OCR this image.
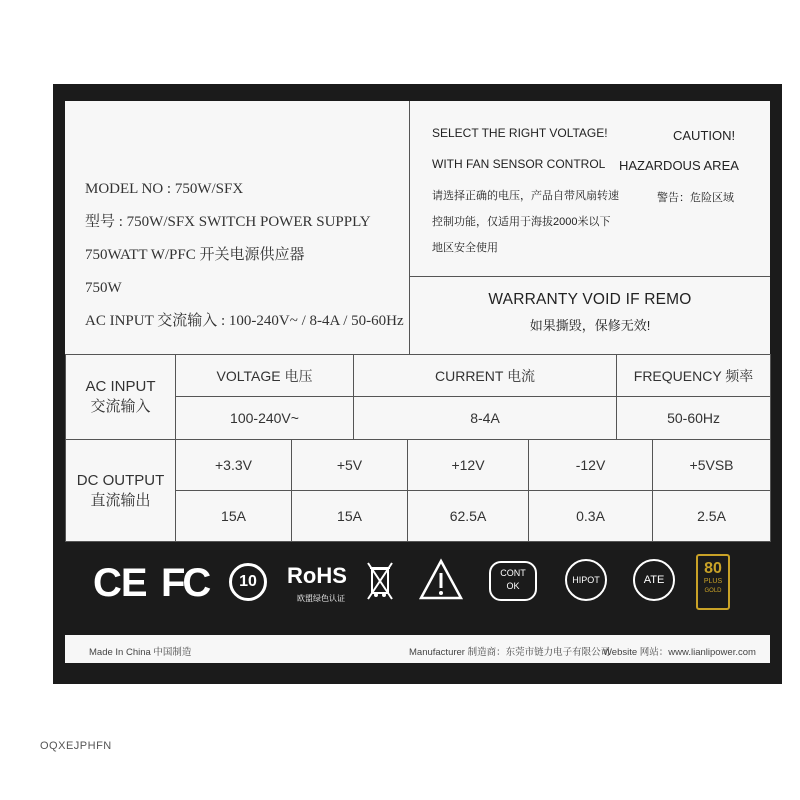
MODEL NO : 750W/SFX
型号 : 750W/SFX SWITCH POWER SUPPLY
750WATT W/PFC 开关电源供应器
750W
AC INPUT 交流输入 : 100-240V~ / 8-4A / 50-60Hz
SELECT THE RIGHT VOLTAGE!
WITH FAN SENSOR CONTROL
请选择正确的电压，产品自带风扇转速
控制功能，仅适用于海拔2000米以下
地区安全使用
CAUTION!
HAZARDOUS AREA
警告：危险区域
WARRANTY VOID IF REMO
如果撕毁，保修无效!
AC INPUT
交流输入	VOLTAGE 电压		CURRENT 电流			FREQUENCY 频率	
	100-240V~		8-4A			50-60Hz	

DC OUTPUT
直流输出	+3.3V	+5V		+12V	-12V		+5VSB
	15A	15A		62.5A	0.3A		2.5A
CE FC	10	RoHS
欧盟绿色认证
CONT
OK
HIPOT	ATE
80
PLUS
GOLD
Made In China 中国制造	Manufacturer 制造商：东莞市链力电子有限公司
Website 网站：www.lianlipower.com
OQXEJPHFN
